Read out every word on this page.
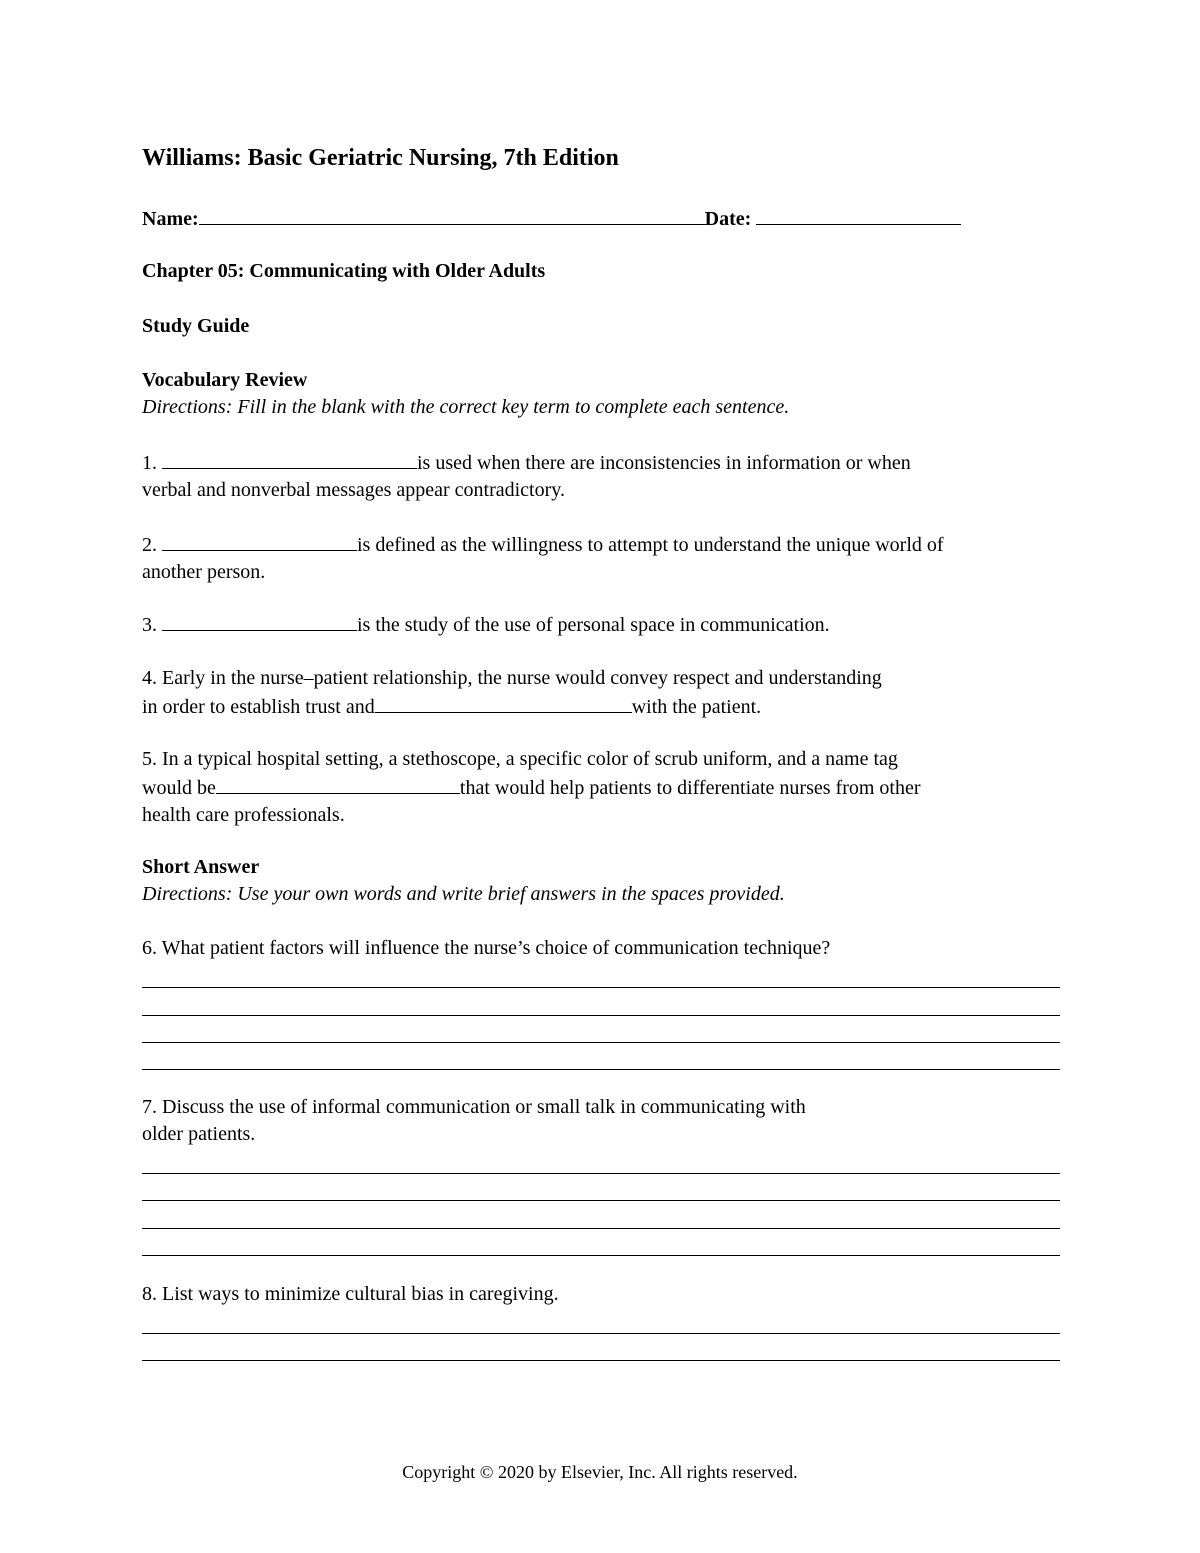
Williams: Basic Geriatric Nursing, 7th Edition
Name:	Date:
Chapter 05: Communicating with Older Adults
Study Guide
Vocabulary Review
Directions: Fill in the blank with the correct key term to complete each sentence.
1.	is used when there are inconsistencies in information or when
verbal and nonverbal messages appear contradictory.
2.	is defined as the willingness to attempt to understand the unique world of
another person.
3.	is the study of the use of personal space in communication.
4. Early in the nurse–patient relationship, the nurse would convey respect and understanding
in order to establish trust and	with the patient.
5. In a typical hospital setting, a stethoscope, a specific color of scrub uniform, and a name tag
would be	that would help patients to differentiate nurses from other
health care professionals.
Short Answer
Directions: Use your own words and write brief answers in the spaces provided.
6. What patient factors will influence the nurse’s choice of communication technique?
7. Discuss the use of informal communication or small talk in communicating with
older patients.
8. List ways to minimize cultural bias in caregiving.
Copyright © 2020 by Elsevier, Inc. All rights reserved.
